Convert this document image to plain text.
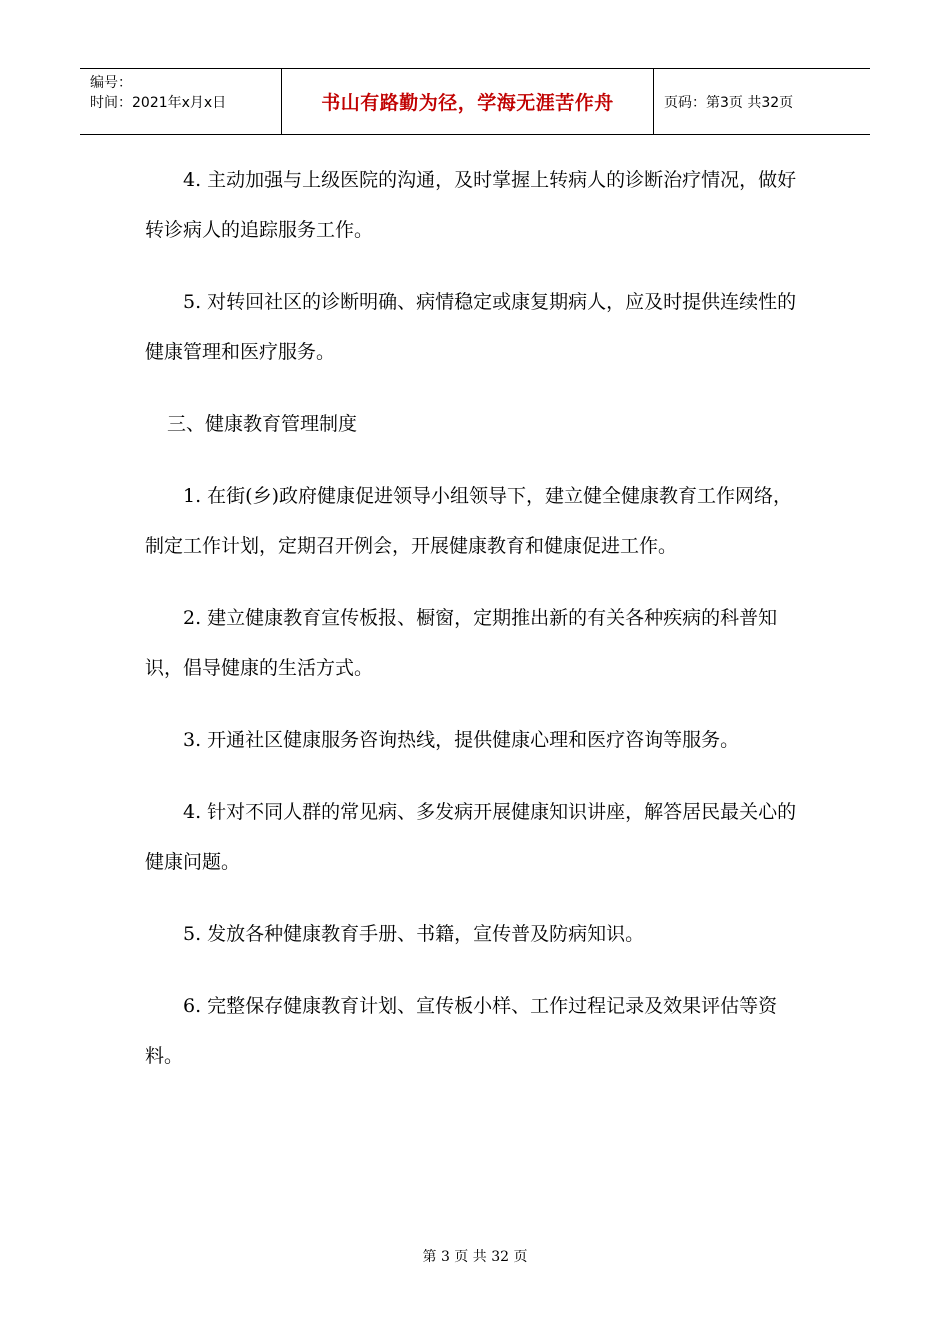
编号：
时间：2021年x月x日	书山有路勤为径，学海无涯苦作舟	页码：第3页 共32页

4. 主动加强与上级医院的沟通，及时掌握上转病人的诊断治疗情况，做好转诊病人的追踪服务工作。

5. 对转回社区的诊断明确、病情稳定或康复期病人，应及时提供连续性的健康管理和医疗服务。

三、健康教育管理制度

1. 在街(乡)政府健康促进领导小组领导下，建立健全健康教育工作网络，制定工作计划，定期召开例会，开展健康教育和健康促进工作。

2. 建立健康教育宣传板报、橱窗，定期推出新的有关各种疾病的科普知识，倡导健康的生活方式。

3. 开通社区健康服务咨询热线，提供健康心理和医疗咨询等服务。

4. 针对不同人群的常见病、多发病开展健康知识讲座，解答居民最关心的健康问题。

5. 发放各种健康教育手册、书籍，宣传普及防病知识。

6. 完整保存健康教育计划、宣传板小样、工作过程记录及效果评估等资料。

第 3 页 共 32 页
